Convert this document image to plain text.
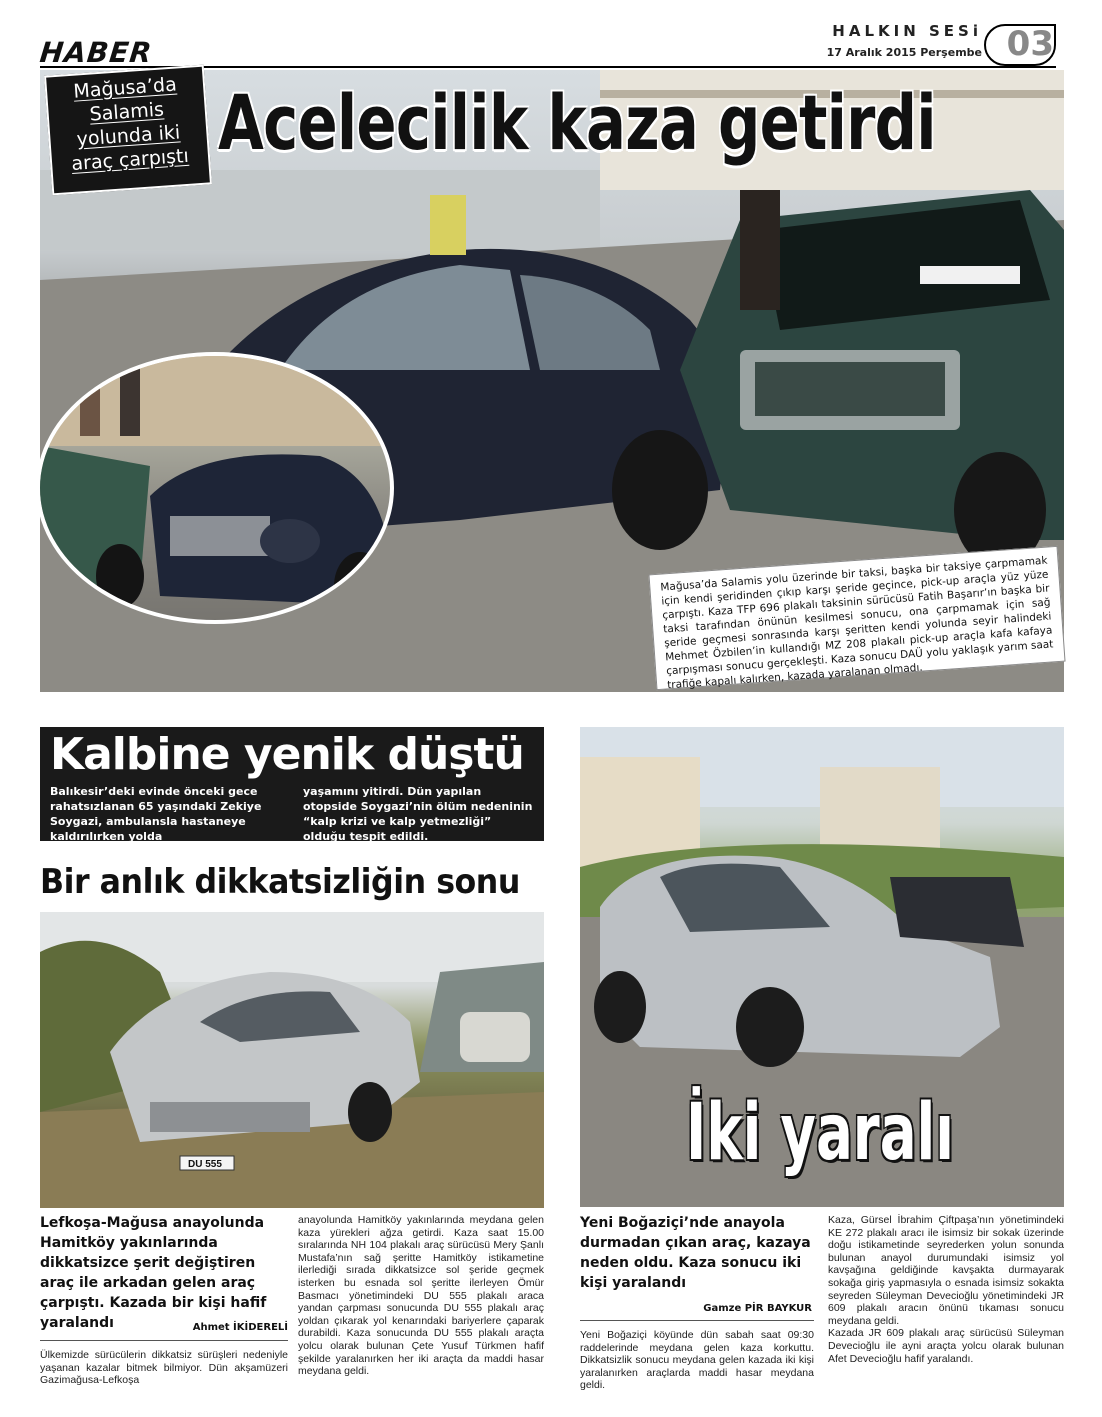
HABER
HALKIN SESi
17 Aralık 2015 Perşembe 03
Mağusa’da
Salamis
yolunda iki
araç çarpıştı Acelecilik kaza getirdi
Mağusa’da Salamis yolu üzerinde bir taksi, başka bir taksiye çarpmamak için kendi şeridinden çıkıp karşı şeride geçince, pick-up araçla yüz yüze çarpıştı. Kaza TFP 696 plakalı taksinin sürücüsü Fatih Başarır’ın başka bir taksi tarafından önünün kesilmesi sonucu, ona çarpmamak için sağ şeride geçmesi sonrasında karşı şeritten kendi yolunda seyir halindeki Mehmet Özbilen’in kullandığı MZ 208 plakalı pick-up araçla kafa kafaya çarpışması sonucu gerçekleşti. Kaza sonucu DAÜ yolu yaklaşık yarım saat trafiğe kapalı kalırken, kazada yaralanan olmadı.
Kalbine yenik düştü

Balıkesir’deki evinde önceki gece rahatsızlanan 65 yaşındaki Zekiye Soygazi, ambulansla hastaneye kaldırılırken yolda

yaşamını yitirdi. Dün yapılan otopside Soygazi’nin ölüm nedeninin “kalp krizi ve kalp yetmezliği” olduğu tespit edildi.

Bir anlık dikkatsizliğin sonu
DU 555
Lefkoşa-Mağusa anayolunda Hamitköy yakınlarında dikkatsizce şerit değiştiren araç ile arkadan gelen araç çarpıştı. Kazada bir kişi hafif yaralandı	Ahmet İKİDERELİ
Ülkemizde sürücülerin dikkatsiz sürüşleri nedeniyle yaşanan kazalar bitmek bilmiyor. Dün akşamüzeri Gazimağusa-Lefkoşa
anayolunda Hamitköy yakınlarında meydana gelen kaza yürekleri ağza getirdi. Kaza saat 15.00 sıralarında NH 104 plakalı araç sürücüsü Mery Şanlı Mustafa’nın sağ şeritte Hamitköy istikametine ilerlediği sırada dikkatsizce sol şeride geçmek isterken bu esnada sol şeritte ilerleyen Ömür Basmacı yönetimindeki DU 555 plakalı araca yandan çarpması sonucunda DU 555 plakalı araç yoldan çıkarak yol kenarındaki bariyerlere çaparak durabildi. Kaza sonucunda DU 555 plakalı araçta yolcu olarak bulunan Çete Yusuf Türkmen hafif şekilde yaralanırken her iki araçta da maddi hasar meydana geldi.
İki yaralı
Yeni Boğaziçi’nde anayola durmadan çıkan araç, kazaya neden oldu. Kaza sonucu iki kişi yaralandı
Gamze PİR BAYKUR
Yeni Boğaziçi köyünde dün sabah saat 09:30 raddelerinde meydana gelen kaza korkuttu. Dikkatsizlik sonucu meydana gelen kazada iki kişi yaralanırken araçlarda maddi hasar meydana geldi.
Kaza, Gürsel İbrahim Çiftpaşa’nın yönetimindeki KE 272 plakalı aracı ile isimsiz bir sokak üzerinde doğu istikametinde seyrederken yolun sonunda bulunan anayol durumundaki isimsiz yol kavşağına geldiğinde kavşakta durmayarak sokağa giriş yapmasıyla o esnada isimsiz sokakta seyreden Süleyman Devecioğlu yönetimindeki JR 609 plakalı aracın önünü tıkaması sonucu meydana geldi.
Kazada JR 609 plakalı araç sürücüsü Süleyman Devecioğlu ile ayni araçta yolcu olarak bulunan Afet Devecioğlu hafif yaralandı.
